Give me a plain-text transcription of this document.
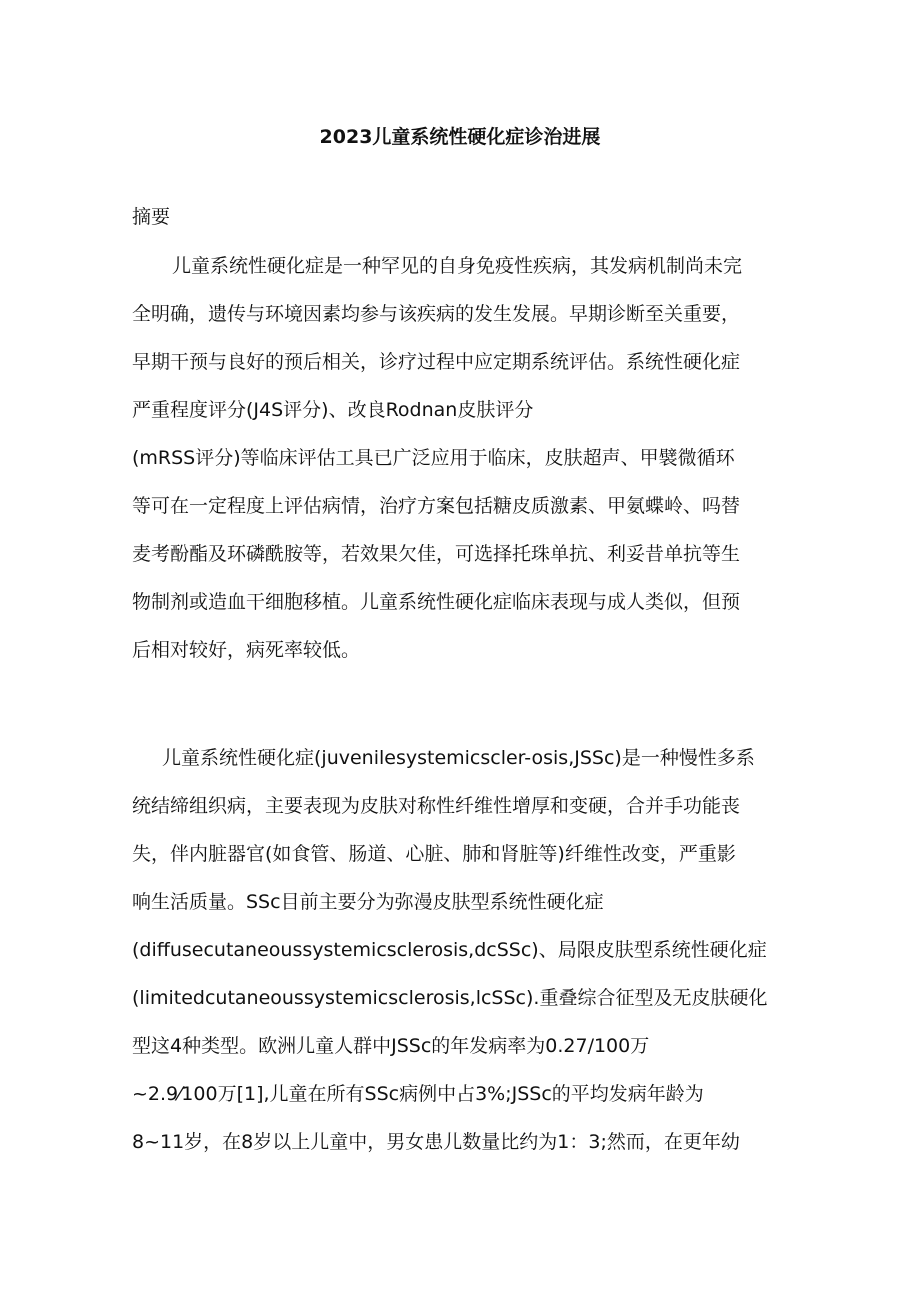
2023儿童系统性硬化症诊治进展

摘要

儿童系统性硬化症是一种罕见的自身免疫性疾病，其发病机制尚未完

全明确，遗传与环境因素均参与该疾病的发生发展。早期诊断至关重要，

早期干预与良好的预后相关，诊疗过程中应定期系统评估。系统性硬化症

严重程度评分(J4S评分)、改良Rodnan皮肤评分

(mRSS评分)等临床评估工具已广泛应用于临床，皮肤超声、甲襞微循环

等可在一定程度上评估病情，治疗方案包括糖皮质激素、甲氨蝶岭、吗替

麦考酚酯及环磷酰胺等，若效果欠佳，可选择托珠单抗、利妥昔单抗等生

物制剂或造血干细胞移植。儿童系统性硬化症临床表现与成人类似，但预

后相对较好，病死率较低。

儿童系统性硬化症(juvenilesystemicscler-osis,JSSc)是一种慢性多系

统结缔组织病，主要表现为皮肤对称性纤维性增厚和变硬，合并手功能丧

失，伴内脏器官(如食管、肠道、心脏、肺和肾脏等)纤维性改变，严重影

响生活质量。SSc目前主要分为弥漫皮肤型系统性硬化症

(diffusecutaneoussystemicsclerosis,dcSSc)、局限皮肤型系统性硬化症

(limitedcutaneoussystemicsclerosis,lcSSc).重叠综合征型及无皮肤硬化

型这4种类型。欧洲儿童人群中JSSc的年发病率为0.27/100万

~2.9⁄100万[1],儿童在所有SSc病例中占3%;JSSc的平均发病年龄为

8~11岁，在8岁以上儿童中，男女患儿数量比约为1：3;然而，在更年幼
